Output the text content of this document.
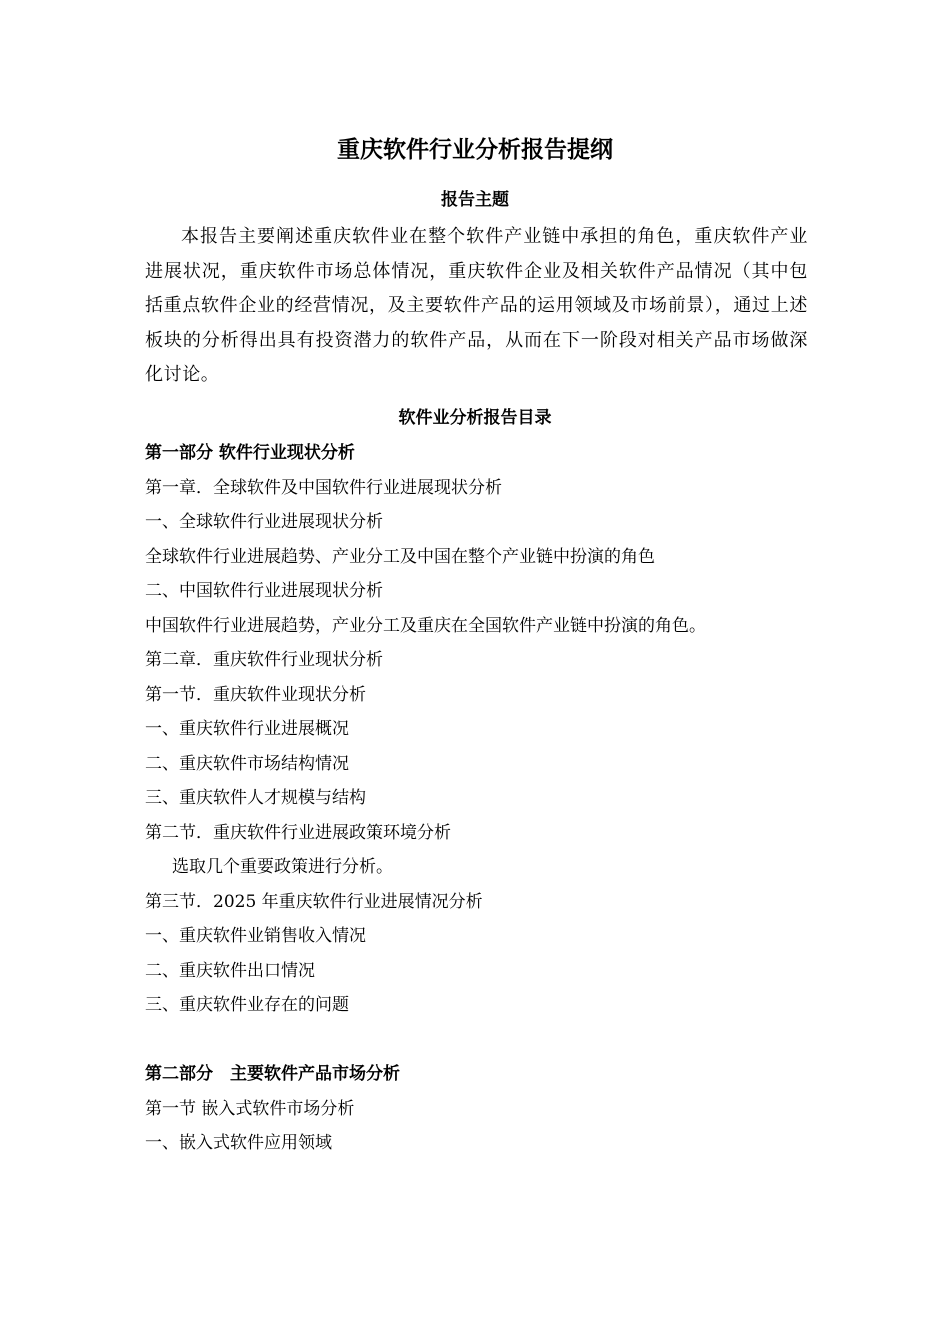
重庆软件行业分析报告提纲
报告主题
本报告主要阐述重庆软件业在整个软件产业链中承担的角色，重庆软件产业进展状况，重庆软件市场总体情况，重庆软件企业及相关软件产品情况（其中包括重点软件企业的经营情况，及主要软件产品的运用领域及市场前景），通过上述板块的分析得出具有投资潜力的软件产品，从而在下一阶段对相关产品市场做深化讨论。
软件业分析报告目录
第一部分 软件行业现状分析
第一章．全球软件及中国软件行业进展现状分析
一、全球软件行业进展现状分析
全球软件行业进展趋势、产业分工及中国在整个产业链中扮演的角色
二、中国软件行业进展现状分析
中国软件行业进展趋势，产业分工及重庆在全国软件产业链中扮演的角色。
第二章．重庆软件行业现状分析
第一节．重庆软件业现状分析
一、重庆软件行业进展概况
二、重庆软件市场结构情况
三、重庆软件人才规模与结构
第二节．重庆软件行业进展政策环境分析
选取几个重要政策进行分析。
第三节．2025 年重庆软件行业进展情况分析
一、重庆软件业销售收入情况
二、重庆软件出口情况
三、重庆软件业存在的问题
第二部分　主要软件产品市场分析
第一节 嵌入式软件市场分析
一、嵌入式软件应用领域
